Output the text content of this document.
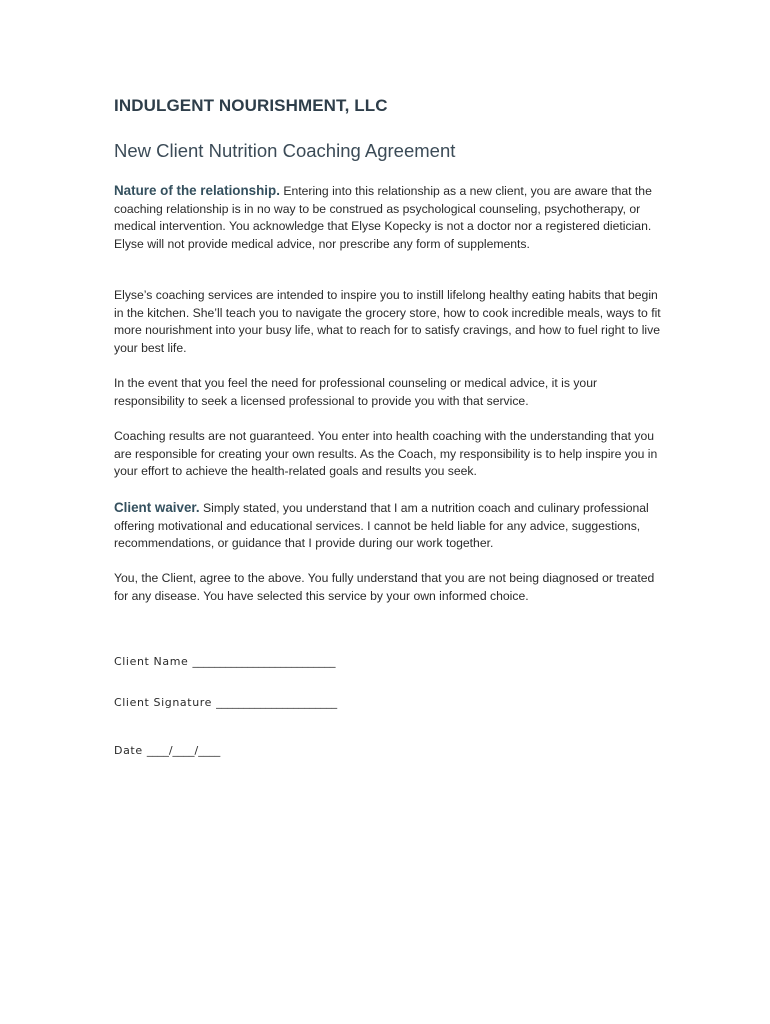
INDULGENT NOURISHMENT, LLC
New Client Nutrition Coaching Agreement

Nature of the relationship. Entering into this relationship as a new client, you are aware that the coaching relationship is in no way to be construed as psychological counseling, psychotherapy, or medical intervention. You acknowledge that Elyse Kopecky is not a doctor nor a registered dietician. Elyse will not provide medical advice, nor prescribe any form of supplements.

Elyse’s coaching services are intended to inspire you to instill lifelong healthy eating habits that begin in the kitchen. She’ll teach you to navigate the grocery store, how to cook incredible meals, ways to fit more nourishment into your busy life, what to reach for to satisfy cravings, and how to fuel right to live your best life.

In the event that you feel the need for professional counseling or medical advice, it is your responsibility to seek a licensed professional to provide you with that service.

Coaching results are not guaranteed. You enter into health coaching with the understanding that you are responsible for creating your own results. As the Coach, my responsibility is to help inspire you in your effort to achieve the health-related goals and results you seek.

Client waiver. Simply stated, you understand that I am a nutrition coach and culinary professional offering motivational and educational services. I cannot be held liable for any advice, suggestions, recommendations, or guidance that I provide during our work together.

You, the Client, agree to the above. You fully understand that you are not being diagnosed or treated for any disease. You have selected this service by your own informed choice.

Client Name __________________________
Client Signature ______________________
Date ____/____/____
